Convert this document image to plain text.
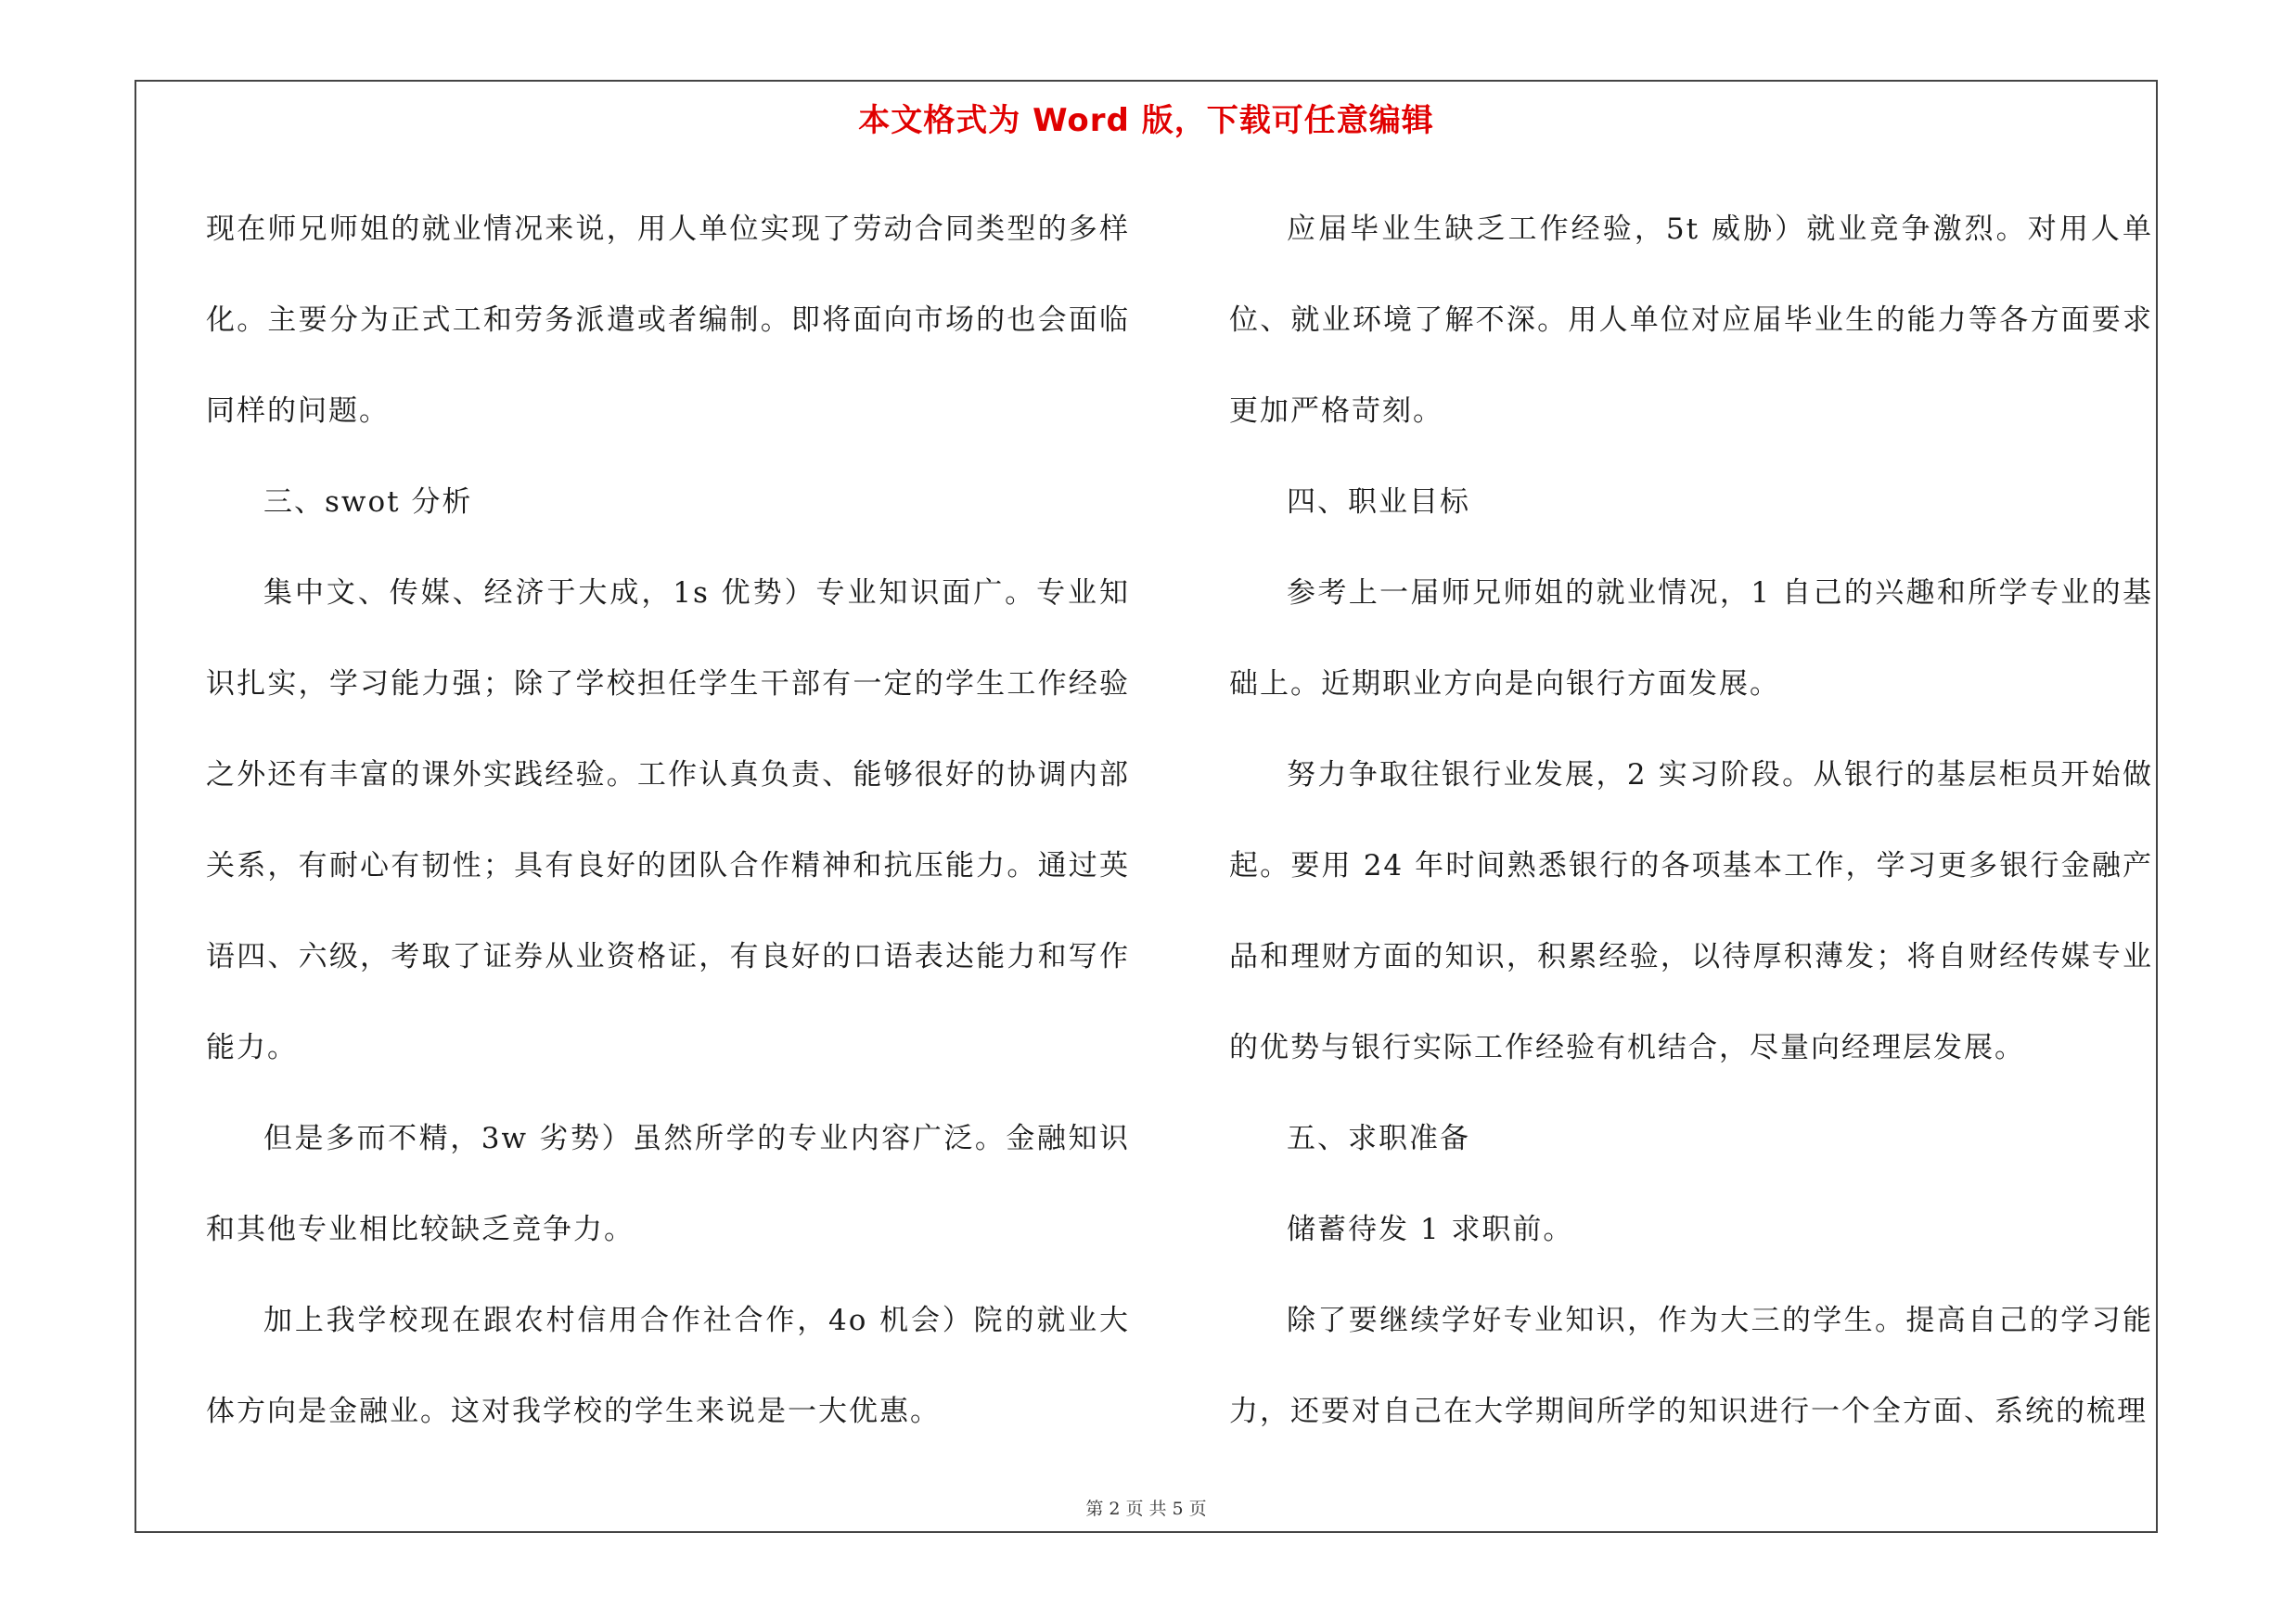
本文格式为 Word 版，下载可任意编辑

现在师兄师姐的就业情况来说，用人单位实现了劳动合同类型的多样化。主要分为正式工和劳务派遣或者编制。即将面向市场的也会面临同样的问题。

三、swot 分析

集中文、传媒、经济于大成，1s 优势）专业知识面广。专业知识扎实，学习能力强；除了学校担任学生干部有一定的学生工作经验之外还有丰富的课外实践经验。工作认真负责、能够很好的协调内部关系，有耐心有韧性；具有良好的团队合作精神和抗压能力。通过英语四、六级，考取了证券从业资格证，有良好的口语表达能力和写作能力。

但是多而不精，3w 劣势）虽然所学的专业内容广泛。金融知识和其他专业相比较缺乏竞争力。

加上我学校现在跟农村信用合作社合作，4o 机会）院的就业大体方向是金融业。这对我学校的学生来说是一大优惠。

应届毕业生缺乏工作经验，5t 威胁）就业竞争激烈。对用人单位、就业环境了解不深。用人单位对应届毕业生的能力等各方面要求更加严格苛刻。

四、职业目标

参考上一届师兄师姐的就业情况，1 自己的兴趣和所学专业的基础上。近期职业方向是向银行方面发展。

努力争取往银行业发展，2 实习阶段。从银行的基层柜员开始做起。要用 24 年时间熟悉银行的各项基本工作，学习更多银行金融产品和理财方面的知识，积累经验，以待厚积薄发；将自财经传媒专业的优势与银行实际工作经验有机结合，尽量向经理层发展。

五、求职准备

储蓄待发 1 求职前。

除了要继续学好专业知识，作为大三的学生。提高自己的学习能力，还要对自己在大学期间所学的知识进行一个全方面、系统的梳理

第 2 页 共 5 页
